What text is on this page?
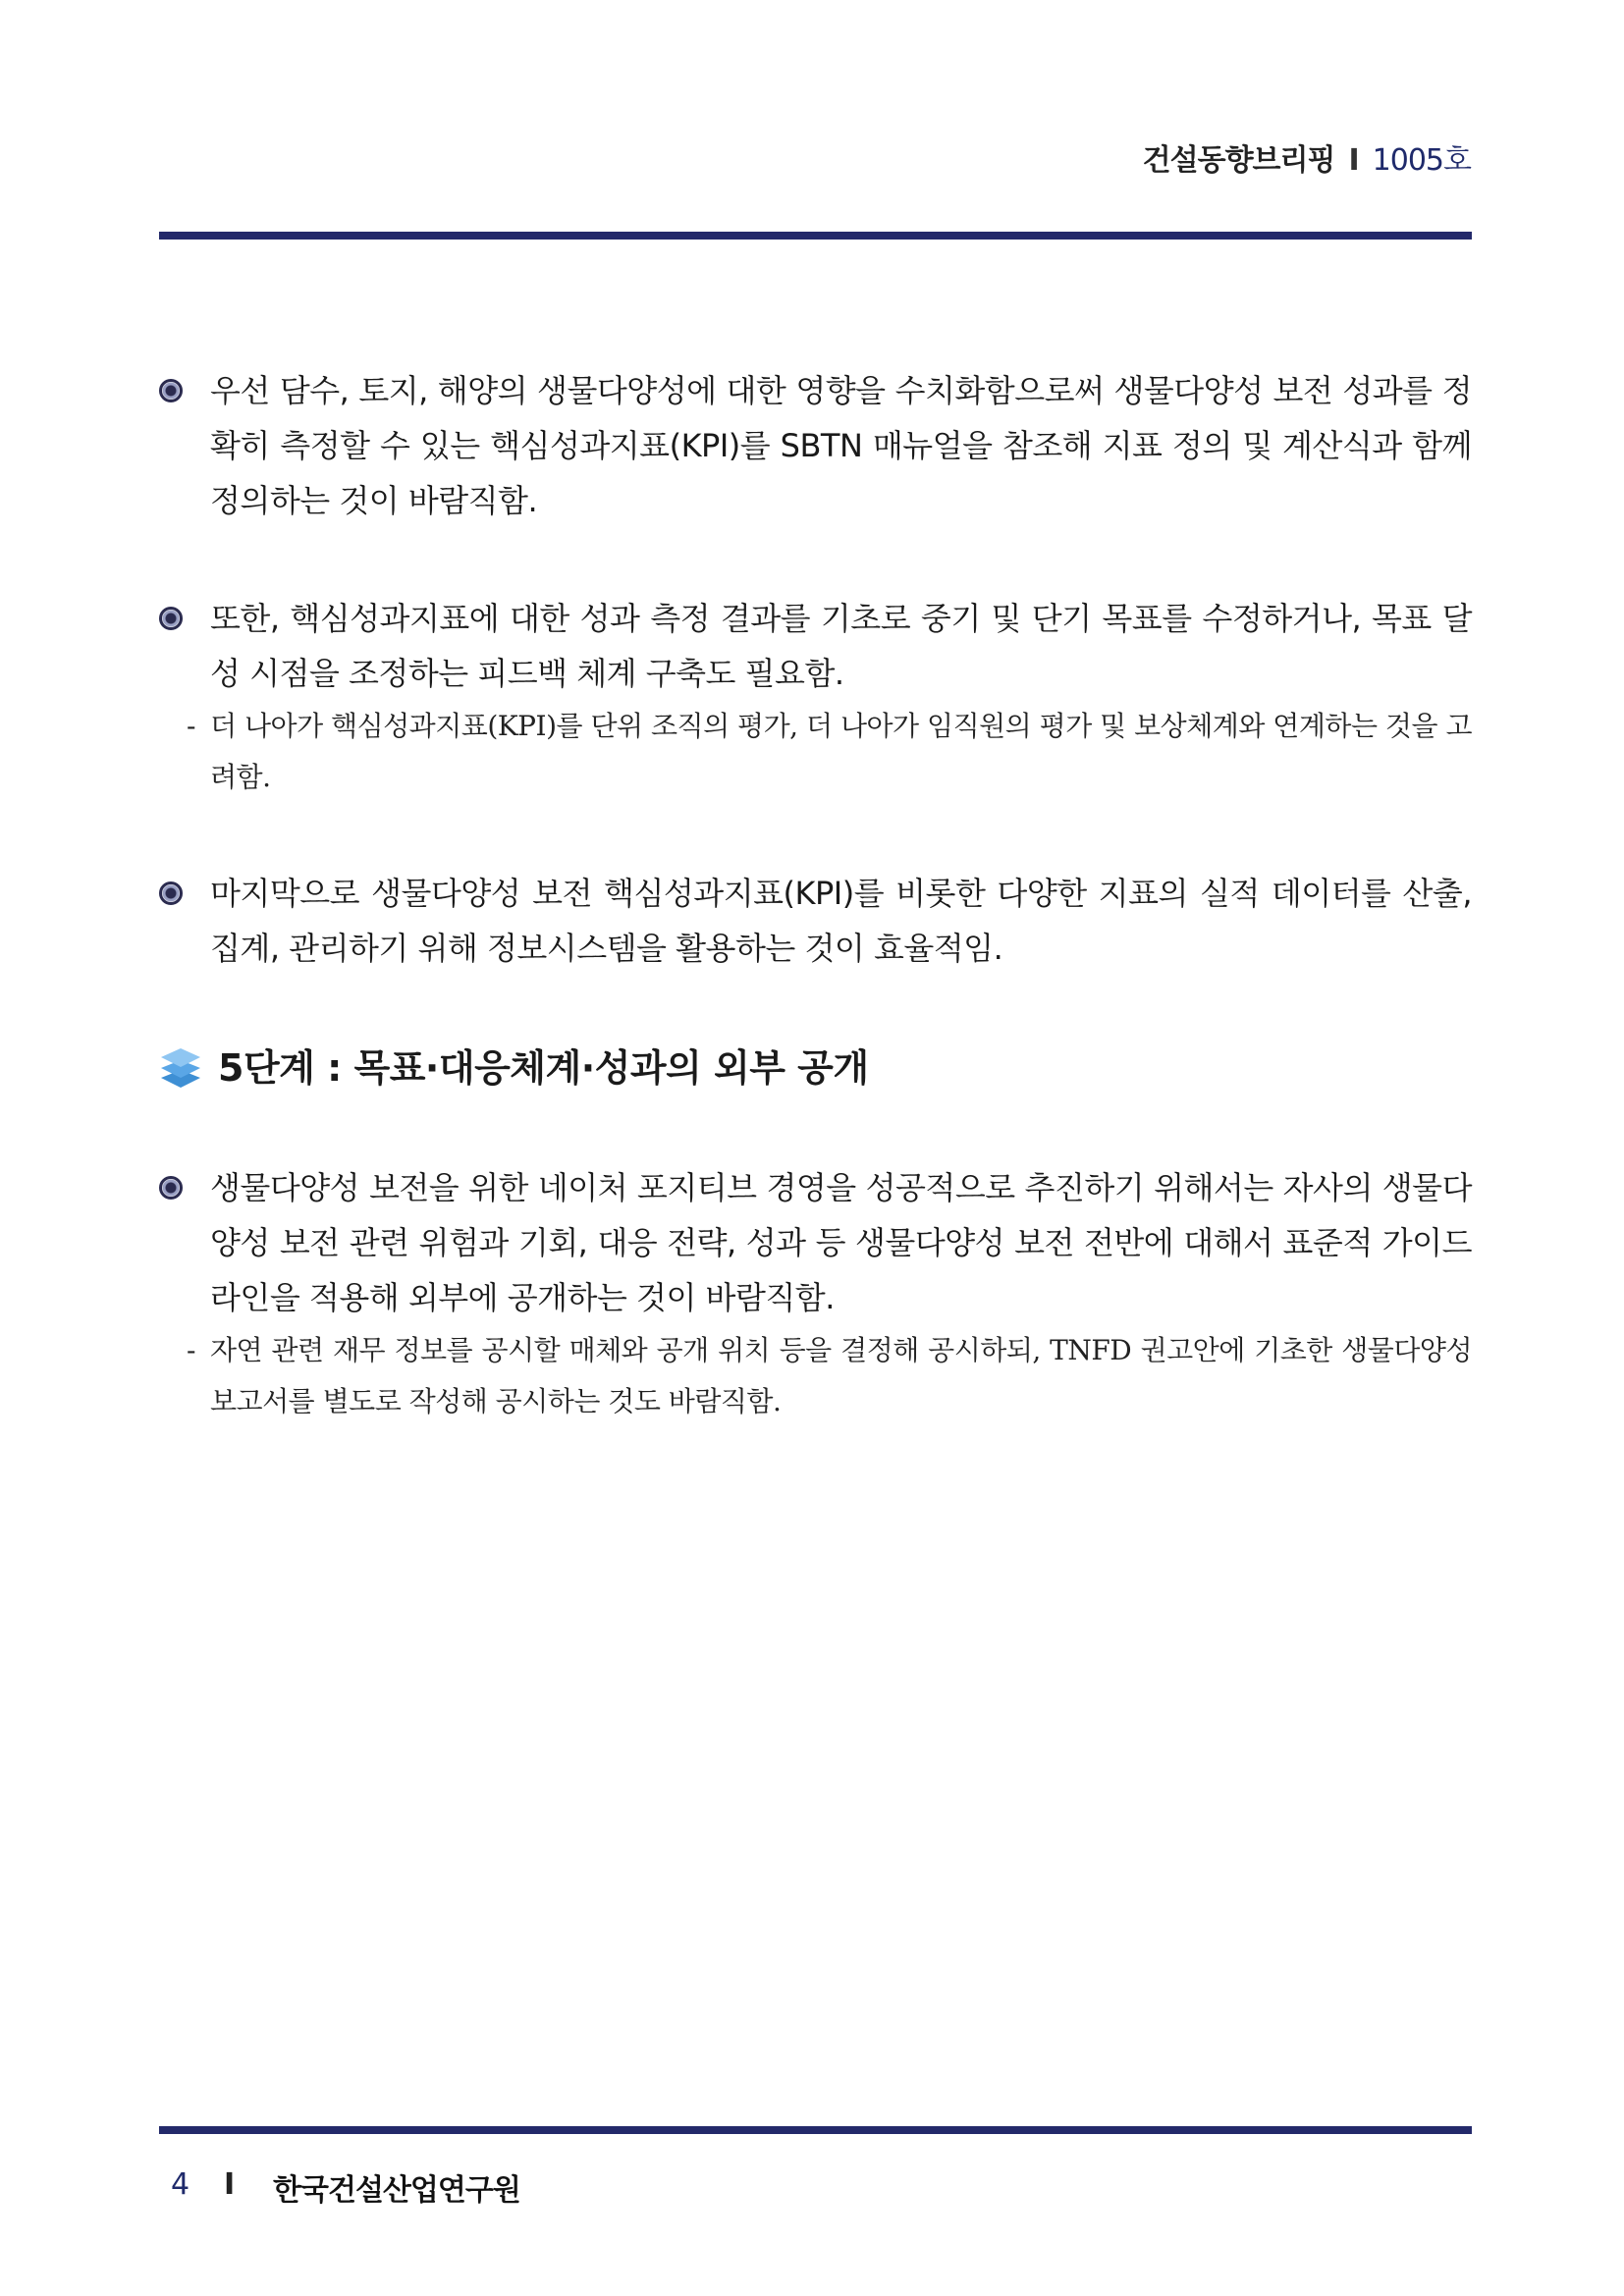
건설동향브리핑 I 1005호
우선 담수, 토지, 해양의 생물다양성에 대한 영향을 수치화함으로써 생물다양성 보전 성과를 정확히 측정할 수 있는 핵심성과지표(KPI)를 SBTN 매뉴얼을 참조해 지표 정의 및 계산식과 함께 정의하는 것이 바람직함.
또한, 핵심성과지표에 대한 성과 측정 결과를 기초로 중기 및 단기 목표를 수정하거나, 목표 달성 시점을 조정하는 피드백 체계 구축도 필요함.
- 더 나아가 핵심성과지표(KPI)를 단위 조직의 평가, 더 나아가 임직원의 평가 및 보상체계와 연계하는 것을 고려함.
마지막으로 생물다양성 보전 핵심성과지표(KPI)를 비롯한 다양한 지표의 실적 데이터를 산출, 집계, 관리하기 위해 정보시스템을 활용하는 것이 효율적임.
5단계 : 목표·대응체계·성과의 외부 공개
생물다양성 보전을 위한 네이처 포지티브 경영을 성공적으로 추진하기 위해서는 자사의 생물다양성 보전 관련 위험과 기회, 대응 전략, 성과 등 생물다양성 보전 전반에 대해서 표준적 가이드라인을 적용해 외부에 공개하는 것이 바람직함.
- 자연 관련 재무 정보를 공시할 매체와 공개 위치 등을 결정해 공시하되, TNFD 권고안에 기초한 생물다양성 보고서를 별도로 작성해 공시하는 것도 바람직함.
4 I 한국건설산업연구원
